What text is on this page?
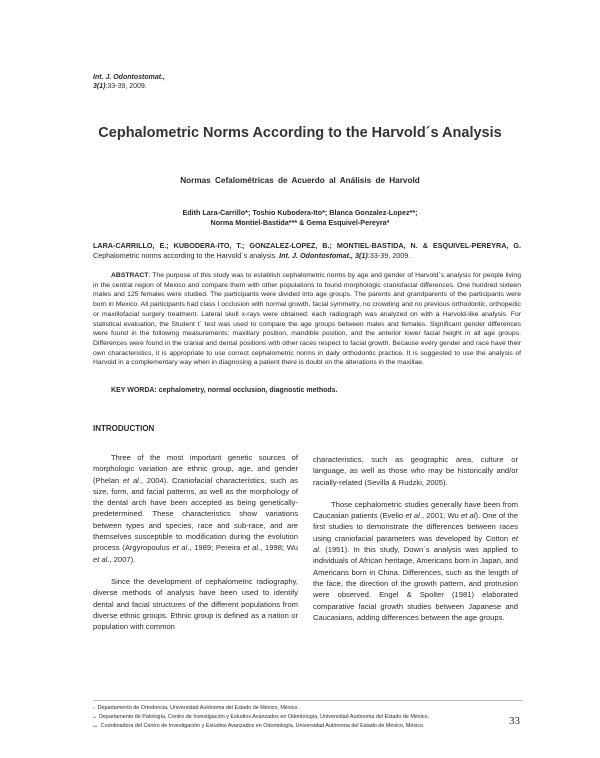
Int. J. Odontostomat.,
3(1):33-39, 2009.
Cephalometric Norms According to the Harvold´s Analysis
Normas Cefalométricas de Acuerdo al Análisis de Harvold
Edith Lara-Carrillo*; Toshio Kubodera-Ito*; Blanca Gonzalez-Lopez**;
Norma Montiel-Bastida*** & Gema Esquivel-Pereyra*
LARA-CARRILLO, E.; KUBODERA-ITO, T.; GONZALEZ-LOPEZ, B.; MONTIEL-BASTIDA, N. & ESQUIVEL-PEREYRA, G. Cephalometric norms according to the Harvold´s analysis. Int. J. Odontostomat., 3(1):33-39, 2009.
ABSTRACT: The purpose of this study was to establish cephalometric norms by age and gender of Harvold´s analysis for people living in the central region of Mexico and compare them with other populations to found morphologic craniofacial differences. One hundred sixteen males and 125 females were studied. The participants were divided into age groups. The parents and grandparents of the participants were born in Mexico. All participants had class I occlusion with normal growth, facial symmetry, no crowding and no previous orthodontic, orthopedic or maxillofacial surgery treatment. Lateral skull x-rays were obtained; each radiograph was analyzed on with a Harvold-like analysis. For statistical evaluation, the Student t´ test was used to compare the age groups between males and females. Significant gender differences were found in the following measurements: maxillary position, mandible position, and the anterior lower facial height in all age groups. Differences were found in the cranial and dental positions with other races respect to facial growth. Because every gender and race have their own characteristics, it is appropriate to use correct cephalometric norms in daily orthodontic practice. It is suggested to use the analysis of Harvold in a complementary way when in diagnosing a patient there is doubt on the alterations in the maxillae.
KEY WORDA: cephalometry, normal occlusion, diagnostic methods.
INTRODUCTION

Three of the most important genetic sources of morphologic variation are ethnic group, age, and gender (Phelan et al., 2004). Craniofacial characteristics, such as size, form, and facial patterns, as well as the morphology of the dental arch have been accepted as being genetically-predetermined. These characteristics show variations between types and species, race and sub-race, and are themselves susceptible to modification during the evolution process (Argyropoulus et al., 1989; Pereira et al., 1998; Wu et al., 2007).

Since the development of cephalometric radiography, diverse methods of analysis have been used to identify dental and facial structures of the different populations from diverse ethnic groups. Ethnic group is defined as a nation or population with common

characteristics, such as geographic area, culture or language, as well as those who may be historically and/or racially-related (Sevilla & Rudzki, 2005).

Those cephalometric studies generally have been from Caucasian patients (Evelio et al., 2001; Wu et al). One of the first studies to demonstrate the differences between races using craniofacial parameters was developed by Cotton et al. (1951). In this study, Down´s analysis was applied to individuals of African heritage, Americans born in Japan, and Americans born in China. Differences, such as the length of the face, the direction of the growth pattern, and protrusion were observed. Engel & Spolter (1981) elaborated comparative facial growth studies between Japanese and Caucasians, adding differences between the age groups.

* Departamento de Ortodoncia, Universidad Autónoma del Estado de México, México.
** Departamento de Patología, Centro de Investigación y Estudios Avanzados en Odontología, Universidad Autónoma del Estado de México.
*** Coordinadora del Centro de Investigación y Estudios Avanzados en Odontología, Universidad Autónoma del Estado de México, México.	33
